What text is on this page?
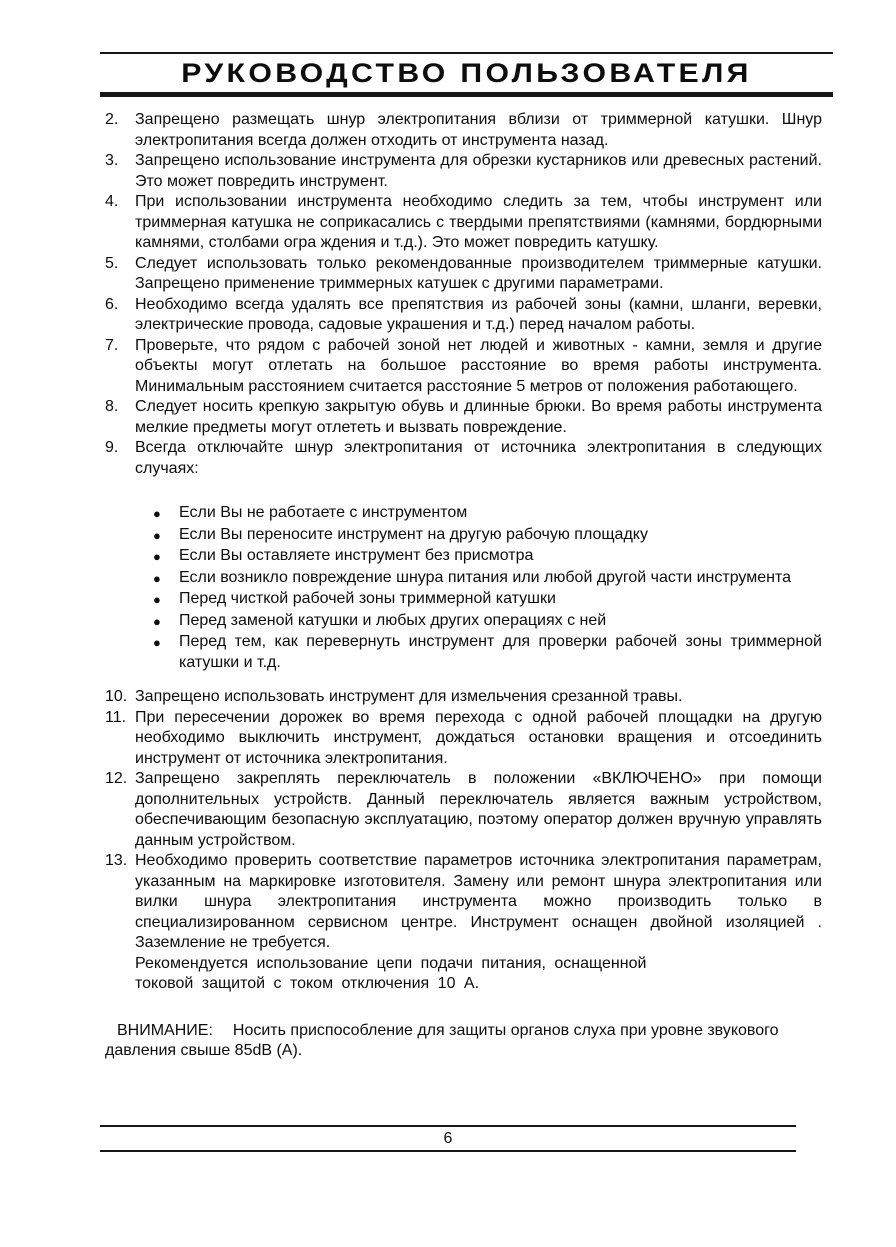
РУКОВОДСТВО ПОЛЬЗОВАТЕЛЯ
2.	Запрещено размещать шнур электропитания вблизи от триммерной катушки. Шнур электропитания всегда должен отходить от инструмента назад.
3.	Запрещено использование инструмента для обрезки кустарников или древесных растений. Это может повредить инструмент.
4.	При использовании инструмента необходимо следить за тем, чтобы инструмент или триммерная катушка не соприкасались с твердыми препятствиями (камнями, бордюрными камнями, столбами огра ждения и т.д.). Это может повредить катушку.
5.	Следует использовать только рекомендованные производителем триммерные катушки. Запрещено применение триммерных катушек с другими параметрами.
6.	Необходимо всегда удалять все препятствия из рабочей зоны (камни, шланги, веревки, электрические провода, садовые украшения и т.д.) перед началом работы.
7.	Проверьте, что рядом с рабочей зоной нет людей и животных - камни, земля и другие объекты могут отлетать на большое расстояние во время работы инструмента. Минимальным расстоянием считается расстояние 5 метров от положения работающего.
8.	Следует носить крепкую закрытую обувь и длинные брюки. Во время работы инструмента мелкие предметы могут отлететь и вызвать повреждение.
9.	Всегда отключайте шнур электропитания от источника электропитания в следующих случаях:
●	Если Вы не работаете с инструментом
●	Если Вы переносите инструмент на другую рабочую площадку
●	Если Вы оставляете инструмент без присмотра
●	Если возникло повреждение шнура питания или любой другой части инструмента
●	Перед чисткой рабочей зоны триммерной катушки
●	Перед заменой катушки и любых других операциях с ней
●	Перед тем, как перевернуть инструмент для проверки рабочей зоны триммерной катушки и т.д.
10. Запрещено использовать инструмент для измельчения срезанной травы.
11. При пересечении дорожек во время перехода с одной рабочей площадки на другую необходимо выключить инструмент, дождаться остановки вращения и отсоединить инструмент от источника электропитания.
12. Запрещено закреплять переключатель в положении «ВКЛЮЧЕНО» при помощи дополнительных устройств. Данный переключатель является важным устройством, обеспечивающим безопасную эксплуатацию, поэтому оператор должен вручную управлять данным устройством.
13. Необходимо проверить соответствие параметров источника электропитания параметрам, указанным на маркировке изготовителя. Замену или ремонт шнура электропитания или вилки шнура электропитания инструмента можно производить только в специализированном сервисном центре. Инструмент оснащен двойной изоляцией . Заземление не требуется.
Рекомендуется использование цепи подачи питания, оснащенной
токовой защитой с током отключения 10 А.

ВНИМАНИЕ: Носить приспособление для защиты органов слуха при уровне звукового давления свыше 85dB (A).

6
